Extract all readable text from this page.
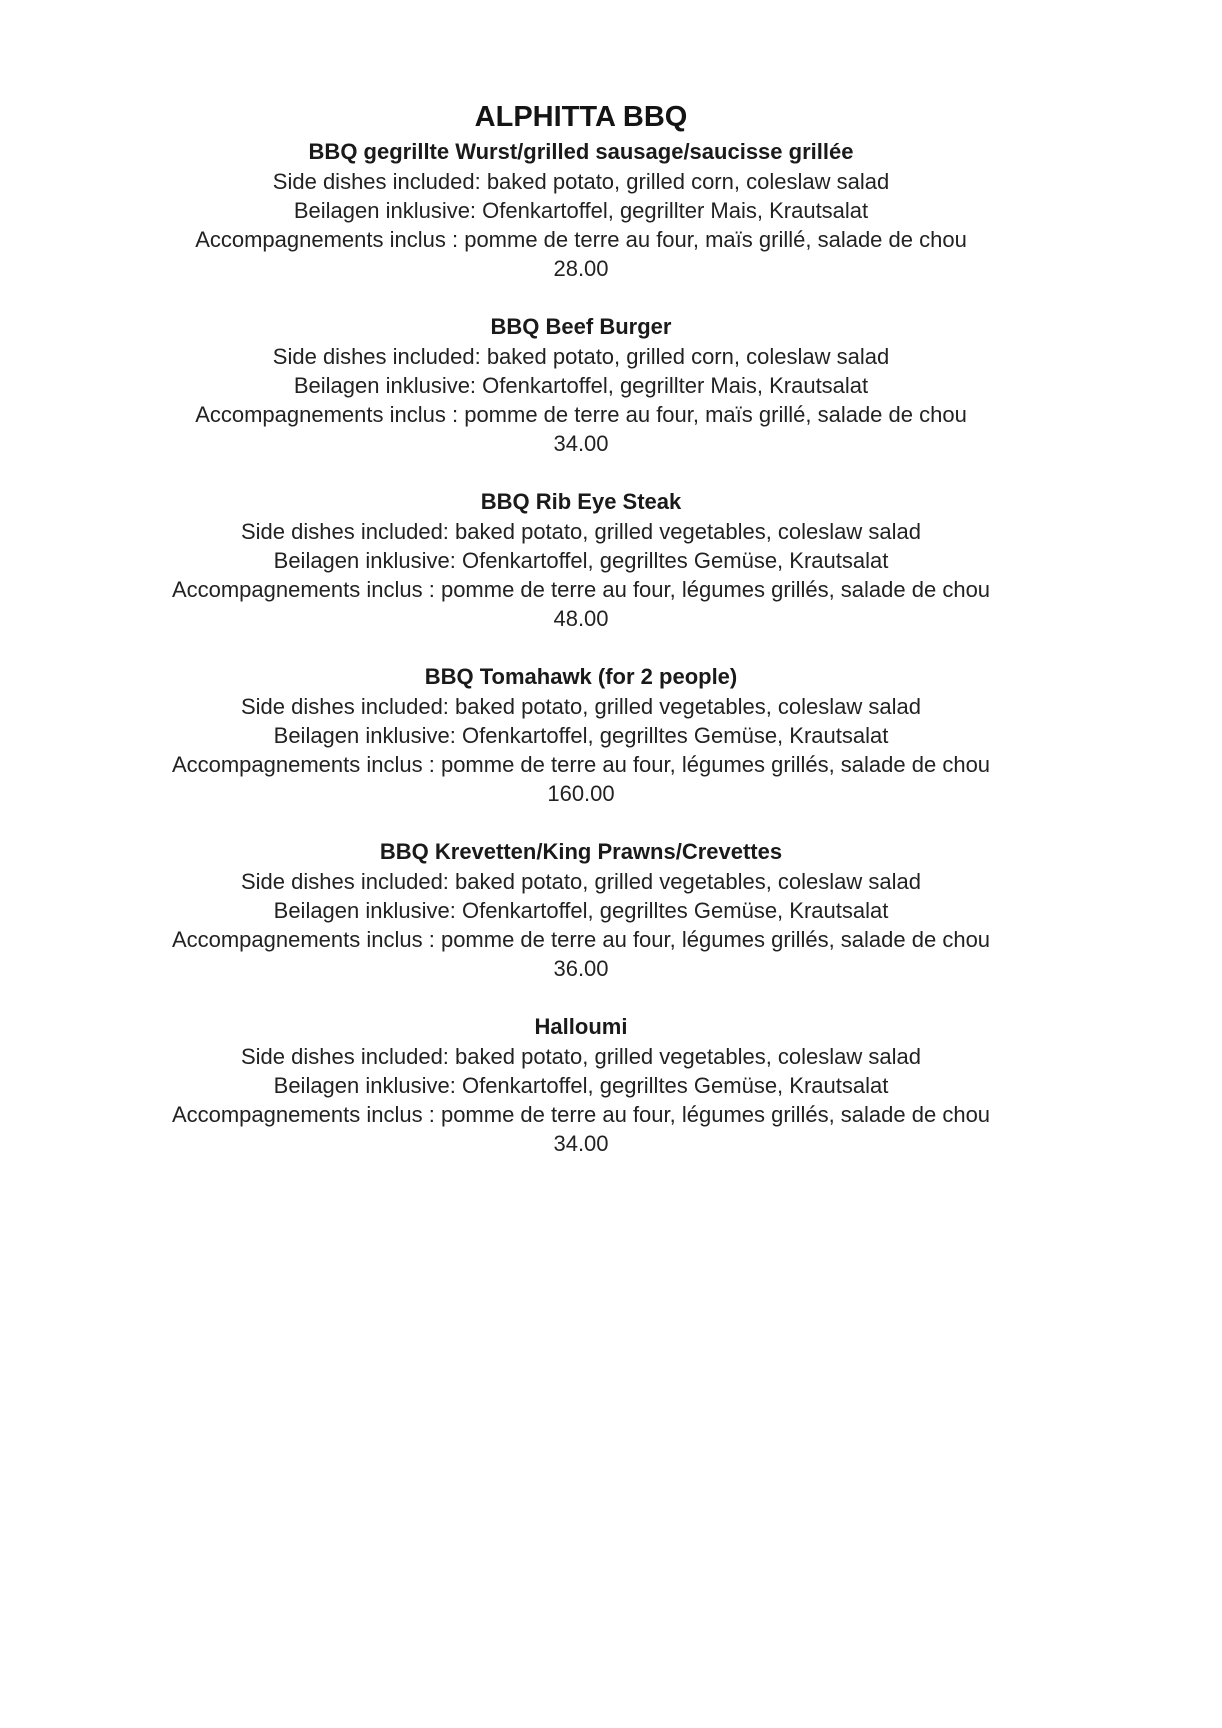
ALPHITTA BBQ
BBQ gegrillte Wurst/grilled sausage/saucisse grillée
Side dishes included: baked potato, grilled corn, coleslaw salad
Beilagen inklusive: Ofenkartoffel, gegrillter Mais, Krautsalat
Accompagnements inclus : pomme de terre au four, maïs grillé, salade de chou
28.00
BBQ Beef Burger
Side dishes included: baked potato, grilled corn, coleslaw salad
Beilagen inklusive: Ofenkartoffel, gegrillter Mais, Krautsalat
Accompagnements inclus : pomme de terre au four, maïs grillé, salade de chou
34.00
BBQ Rib Eye Steak
Side dishes included: baked potato, grilled vegetables, coleslaw salad
Beilagen inklusive: Ofenkartoffel, gegrilltes Gemüse, Krautsalat
Accompagnements inclus : pomme de terre au four, légumes grillés, salade de chou
48.00
BBQ Tomahawk (for 2 people)
Side dishes included: baked potato, grilled vegetables, coleslaw salad
Beilagen inklusive: Ofenkartoffel, gegrilltes Gemüse, Krautsalat
Accompagnements inclus : pomme de terre au four, légumes grillés, salade de chou
160.00
BBQ Krevetten/King Prawns/Crevettes
Side dishes included: baked potato, grilled vegetables, coleslaw salad
Beilagen inklusive: Ofenkartoffel, gegrilltes Gemüse, Krautsalat
Accompagnements inclus : pomme de terre au four, légumes grillés, salade de chou
36.00
Halloumi
Side dishes included: baked potato, grilled vegetables, coleslaw salad
Beilagen inklusive: Ofenkartoffel, gegrilltes Gemüse, Krautsalat
Accompagnements inclus : pomme de terre au four, légumes grillés, salade de chou
34.00
